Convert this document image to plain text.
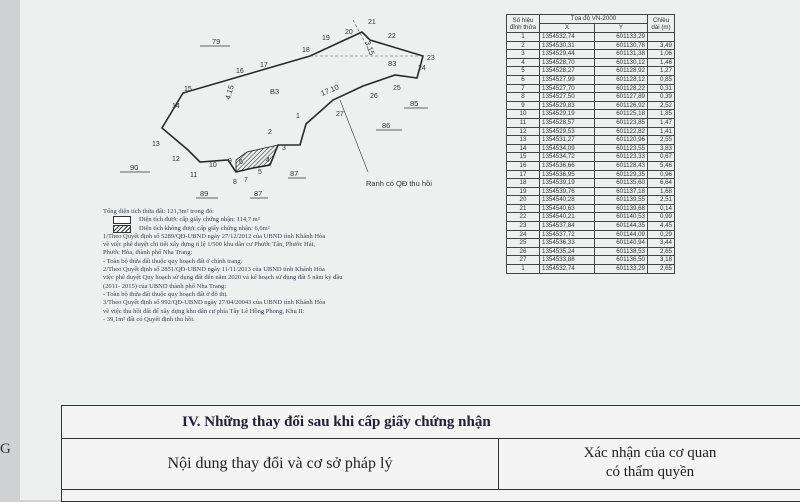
1
2
3
4
5
6
7
8
9
10
11
12
13
14
15
16
17
18
19
20
21
22
23
24
25
26
27
79
90
89	87
87
86
85
83
B3	17.10
3.15
4.15
Ranh có QĐ thu hồi
Tổng diện tích thửa đất: 121,3m² trong đó:
Diện tích được cấp giấy chứng nhận: 114,7 m²
Diện tích không được cấp giấy chứng nhận: 6,6m²
1/Theo Quyết định số 5289/QĐ-UBND ngày 27/12/2012 của UBND tỉnh Khánh Hòa
về việc phê duyệt chi tiết xây dựng tỉ lệ 1/500 khu dân cư Phước Tân, Phước Hải,
Phước Hòa, thành phố Nha Trang:
- Toàn bộ thửa đất thuộc quy hoạch đất ở chỉnh trang.
2/Theo Quyết định số 2851/QĐ-UBND ngày 11/11/2013 của UBND tỉnh Khánh Hòa
việc phê duyệt Quy hoạch sử dụng đất đến năm 2020 và kế hoạch sử dụng đất 5 năm kỳ đầu
(2011- 2015) của UBND thành phố Nha Trang:
- Toàn bộ thửa đất thuộc quy hoạch đất ở đô thị.
3/Theo Quyết định số 992/QĐ-UBND ngày 27/04/20043 của UBND tỉnh Khánh Hòa
về việc thu hồi đất để xây dựng khu dân cư phía Tây Lê Hồng Phong, Khu II:
- 39,1m² đất có Quyết định thu hồi.
Số hiệu đỉnh thửa	Tọa độ VN-2000		Chiều dài (m)
	X	Y	
1	1354532,74	601133,29	
2	1354530,31	601130,78	3,49
3	1354529,44	601131,38	1,06
4	1354528,70	601130,12	1,46
5	1354528,27	601128,92	1,27
6	1354527,99	601128,12	0,85
7	1354527,70	601128,22	0,31
8	1354527,50	601127,89	0,39
9	1354529,83	601126,92	2,52
10	1354529,19	601125,18	1,85
11	1354528,57	601123,85	1,47
12	1354529,53	601122,82	1,41
13	1354531,27	601120,96	2,55
14	1354534,09	601123,55	3,83
15	1354534,72	601123,33	0,67
16	1354536,66	601128,43	5,46
17	1354536,95	601129,35	0,96
18	1354539,19	601135,60	6,64
19	1354539,76	601137,18	1,68
20	1354540,28	601139,55	2,51
21	1354540,63	601139,68	0,14
22	1354540,21	601140,53	0,99
23	1354537,84	601144,35	4,45
24	1354537,72	601144,09	0,29
25	1354536,33	601140,94	3,44
26	1354535,24	601138,53	2,65
27	1354533,88	601136,50	3,18
1	1354532,74	601133,29	2,65
IV. Những thay đổi sau khi cấp giấy chứng nhận
Nội dung thay đổi và cơ sở pháp lý
Xác nhận của cơ quan
có thẩm quyền
G
